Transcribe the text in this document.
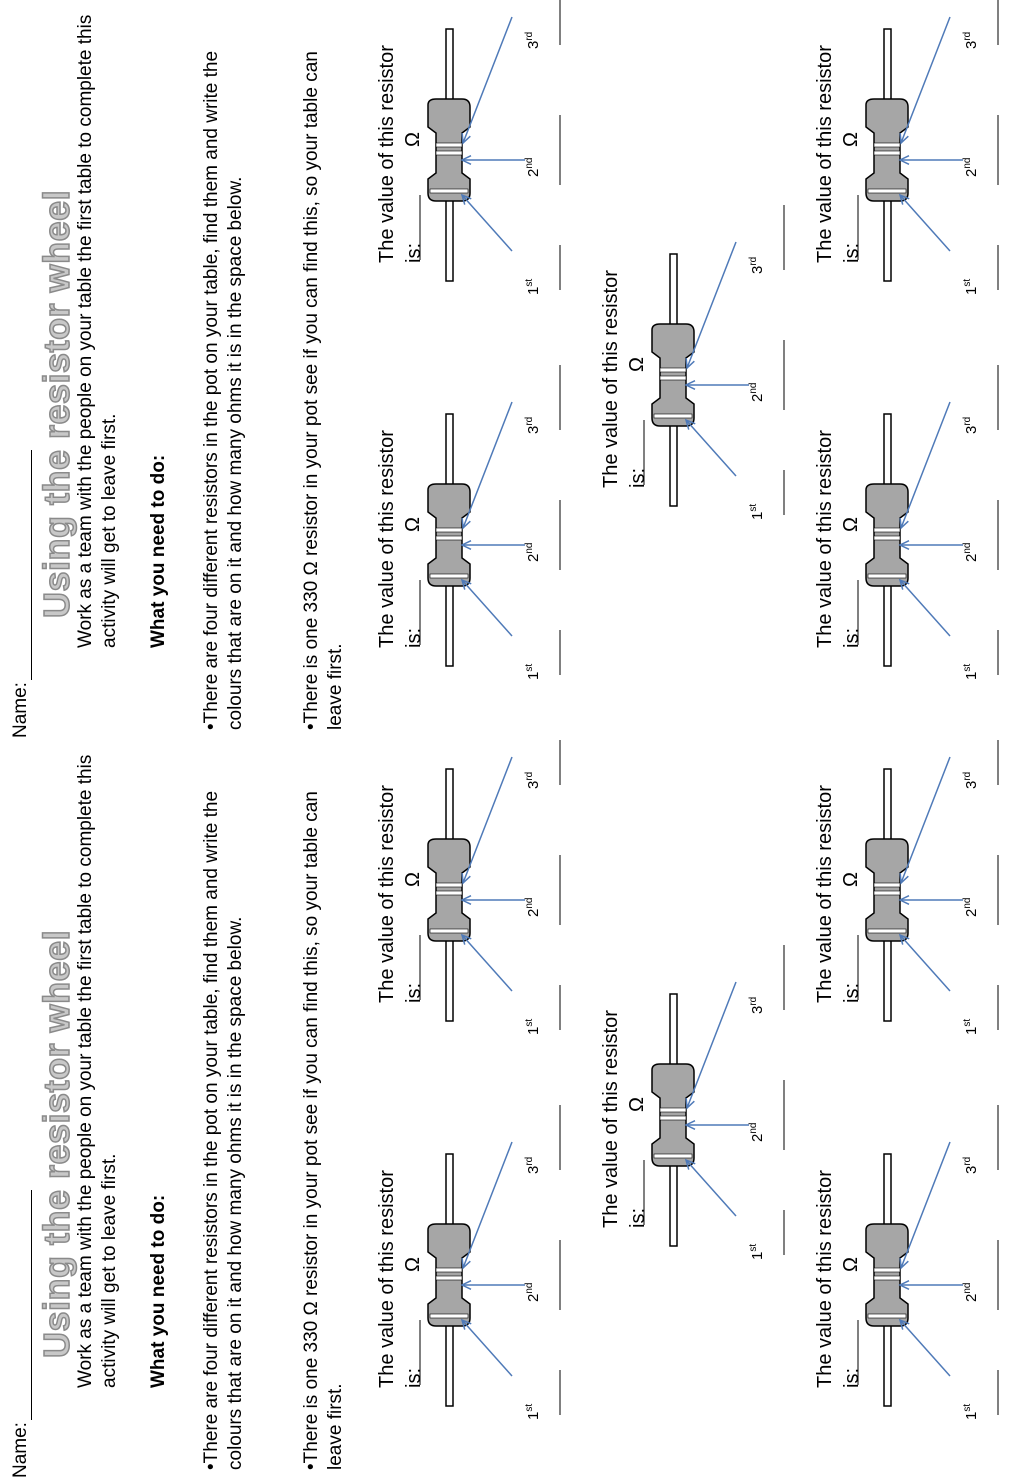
Name:
Using the resistor wheel
Work as a team with the people on your table the first table to complete this activity will get to leave first. What you need to do: •There are four different resistors in the pot on your table, find them and write the colours that are on it and how many ohms it is in the space below.	•There is one 330 Ω resistor in your pot see if you can find this, so your table can leave first.
The value of this resistor is:
Ω
1st
2nd
3rd
The value of this resistor is:
Ω
1st
2nd
3rd
The value of this resistor is:
Ω
1st
2nd
3rd
The value of this resistor is:
Ω
1st
2nd
3rd
The value of this resistor is:
Ω
1st
2nd
3rd
Name:
Using the resistor wheel
Work as a team with the people on your table the first table to complete this activity will get to leave first. What you need to do: •There are four different resistors in the pot on your table, find them and write the colours that are on it and how many ohms it is in the space below.	•There is one 330 Ω resistor in your pot see if you can find this, so your table can leave first.
The value of this resistor is:
Ω
1st
2nd
3rd
The value of this resistor is:
Ω
1st
2nd
3rd
The value of this resistor is:
Ω
1st
2nd
3rd
The value of this resistor is:
Ω
1st
2nd
3rd
The value of this resistor is:
Ω
1st
2nd
3rd
